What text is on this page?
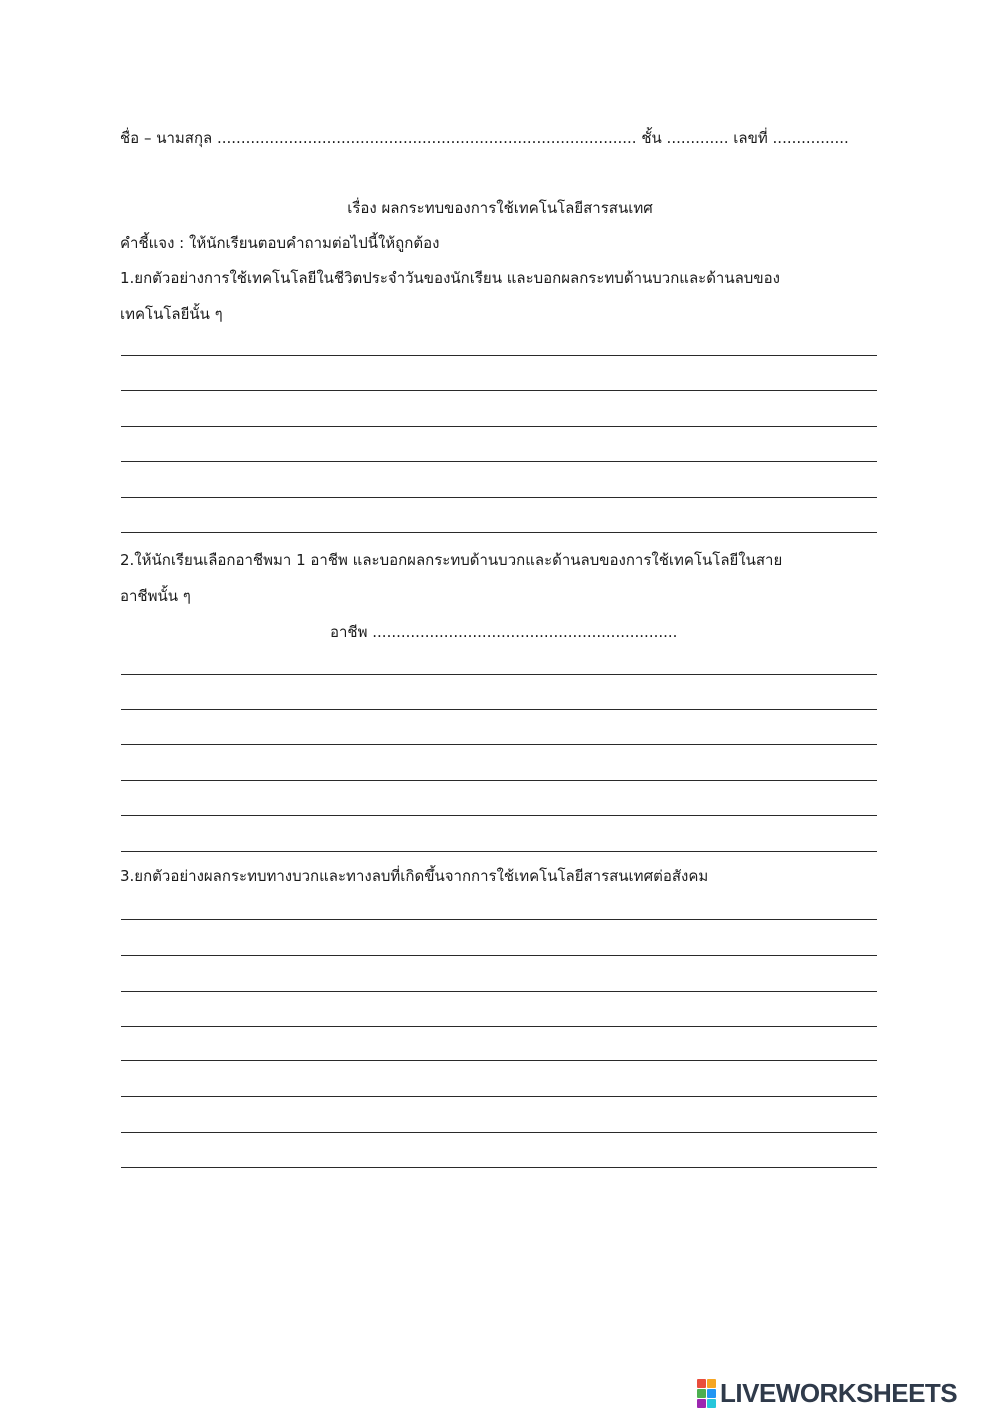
ชื่อ – นามสกุล ........................................................................................ ชั้น ............. เลขที่ ................
เรื่อง ผลกระทบของการใช้เทคโนโลยีสารสนเทศ
คำชี้แจง : ให้นักเรียนตอบคำถามต่อไปนี้ให้ถูกต้อง
1.ยกตัวอย่างการใช้เทคโนโลยีในชีวิตประจำวันของนักเรียน และบอกผลกระทบด้านบวกและด้านลบของ
เทคโนโลยีนั้น ๆ
2.ให้นักเรียนเลือกอาชีพมา 1 อาชีพ และบอกผลกระทบด้านบวกและด้านลบของการใช้เทคโนโลยีในสาย
อาชีพนั้น ๆ
อาชีพ ................................................................
3.ยกตัวอย่างผลกระทบทางบวกและทางลบที่เกิดขึ้นจากการใช้เทคโนโลยีสารสนเทศต่อสังคม
LIVEWORKSHEETS
